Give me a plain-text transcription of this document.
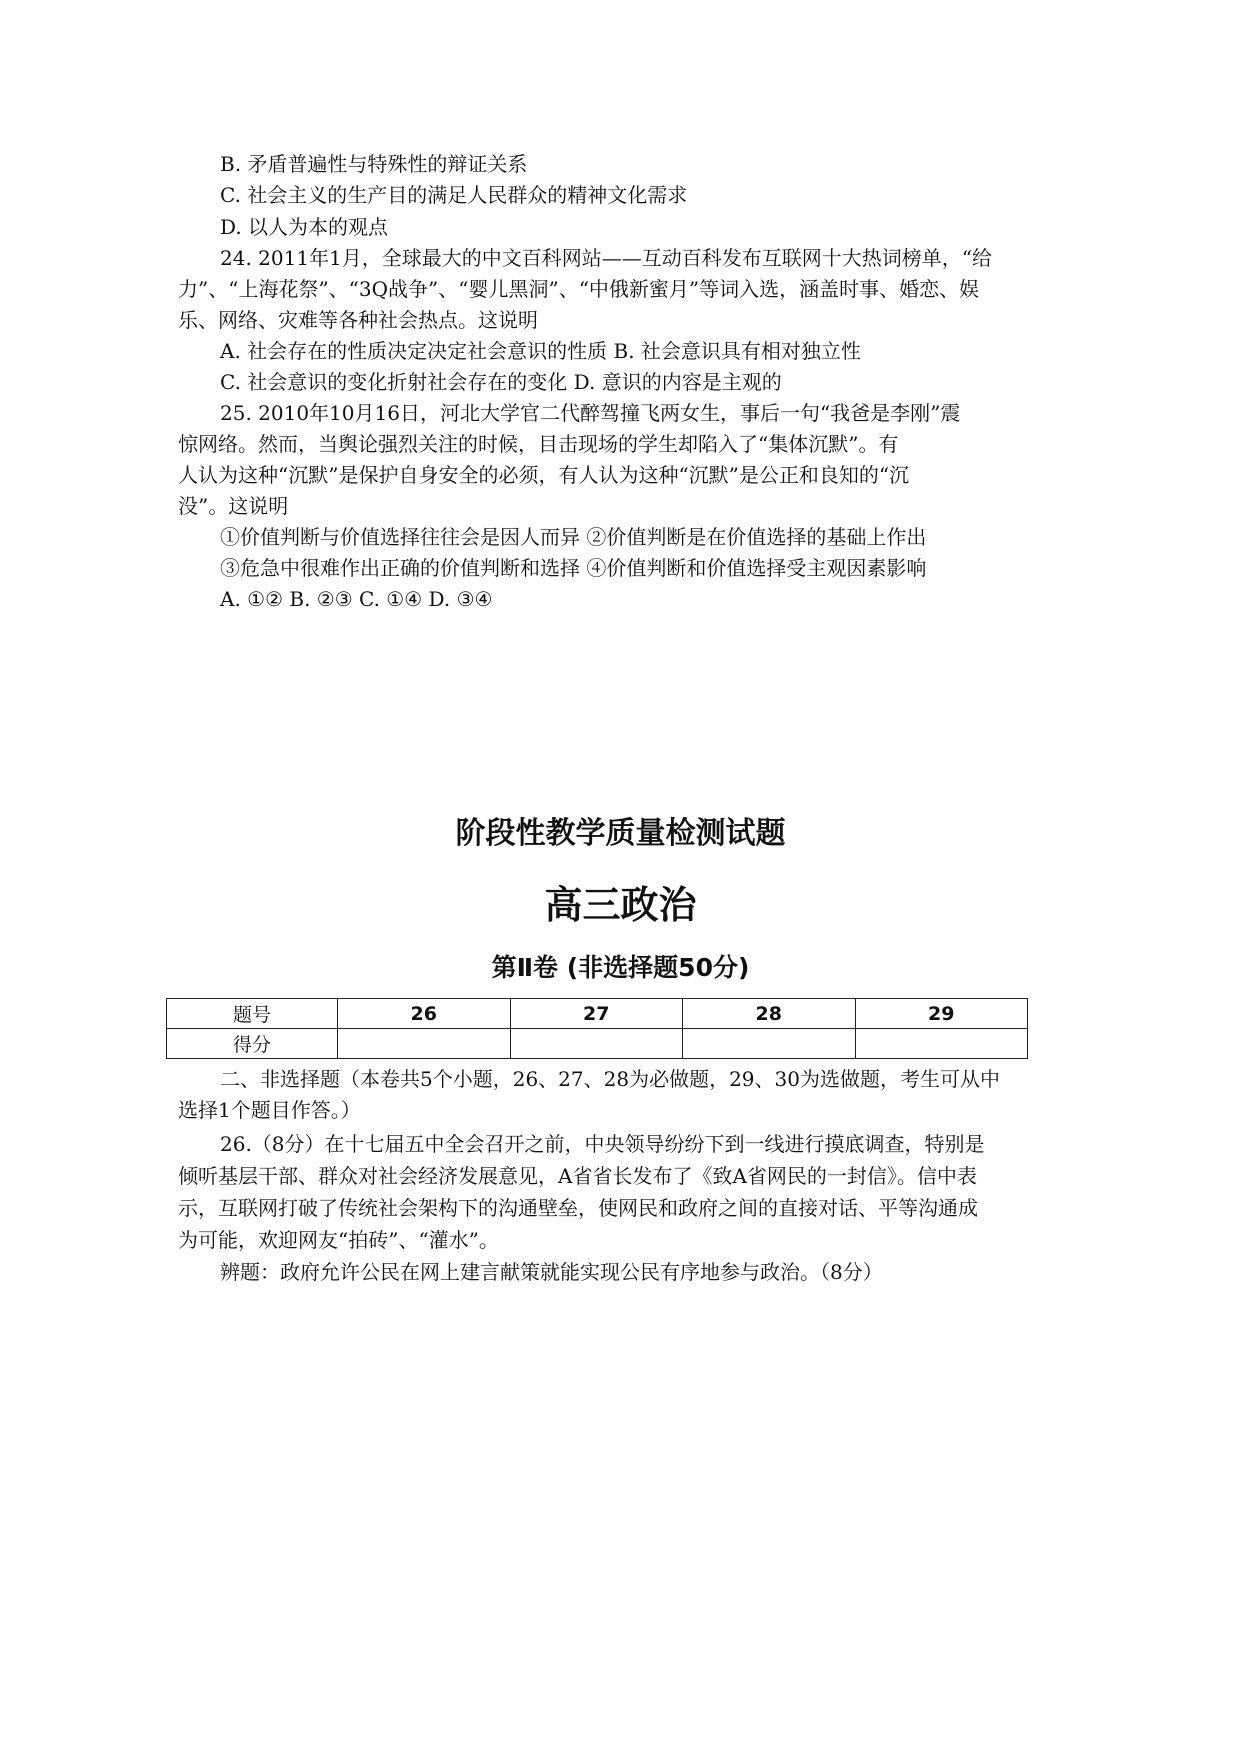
B. 矛盾普遍性与特殊性的辩证关系
C. 社会主义的生产目的满足人民群众的精神文化需求
D. 以人为本的观点
24. 2011年1月，全球最大的中文百科网站——互动百科发布互联网十大热词榜单，“给
力”、“上海花祭”、“3Q战争”、“婴儿黑洞”、“中俄新蜜月”等词入选，涵盖时事、婚恋、娱
乐、网络、灾难等各种社会热点。这说明
A. 社会存在的性质决定决定社会意识的性质 B. 社会意识具有相对独立性
C. 社会意识的变化折射社会存在的变化 D. 意识的内容是主观的
25. 2010年10月16日，河北大学官二代醉驾撞飞两女生，事后一句“我爸是李刚”震
惊网络。然而，当舆论强烈关注的时候，目击现场的学生却陷入了“集体沉默”。有
人认为这种“沉默”是保护自身安全的必须，有人认为这种“沉默”是公正和良知的“沉
没”。这说明
①价值判断与价值选择往往会是因人而异 ②价值判断是在价值选择的基础上作出
③危急中很难作出正确的价值判断和选择 ④价值判断和价值选择受主观因素影响
A. ①② B. ②③ C. ①④ D. ③④
阶段性教学质量检测试题
高三政治
第Ⅱ卷 (非选择题50分)
题号	26	27	28	29
得分				
二、非选择题（本卷共5个小题，26、27、28为必做题，29、30为选做题，考生可从中
选择1个题目作答。）
26.（8分）在十七届五中全会召开之前，中央领导纷纷下到一线进行摸底调查，特别是
倾听基层干部、群众对社会经济发展意见，A省省长发布了《致A省网民的一封信》。信中表
示，互联网打破了传统社会架构下的沟通壁垒，使网民和政府之间的直接对话、平等沟通成
为可能，欢迎网友“拍砖”、“灌水”。
辨题：政府允许公民在网上建言献策就能实现公民有序地参与政治。（8分）
